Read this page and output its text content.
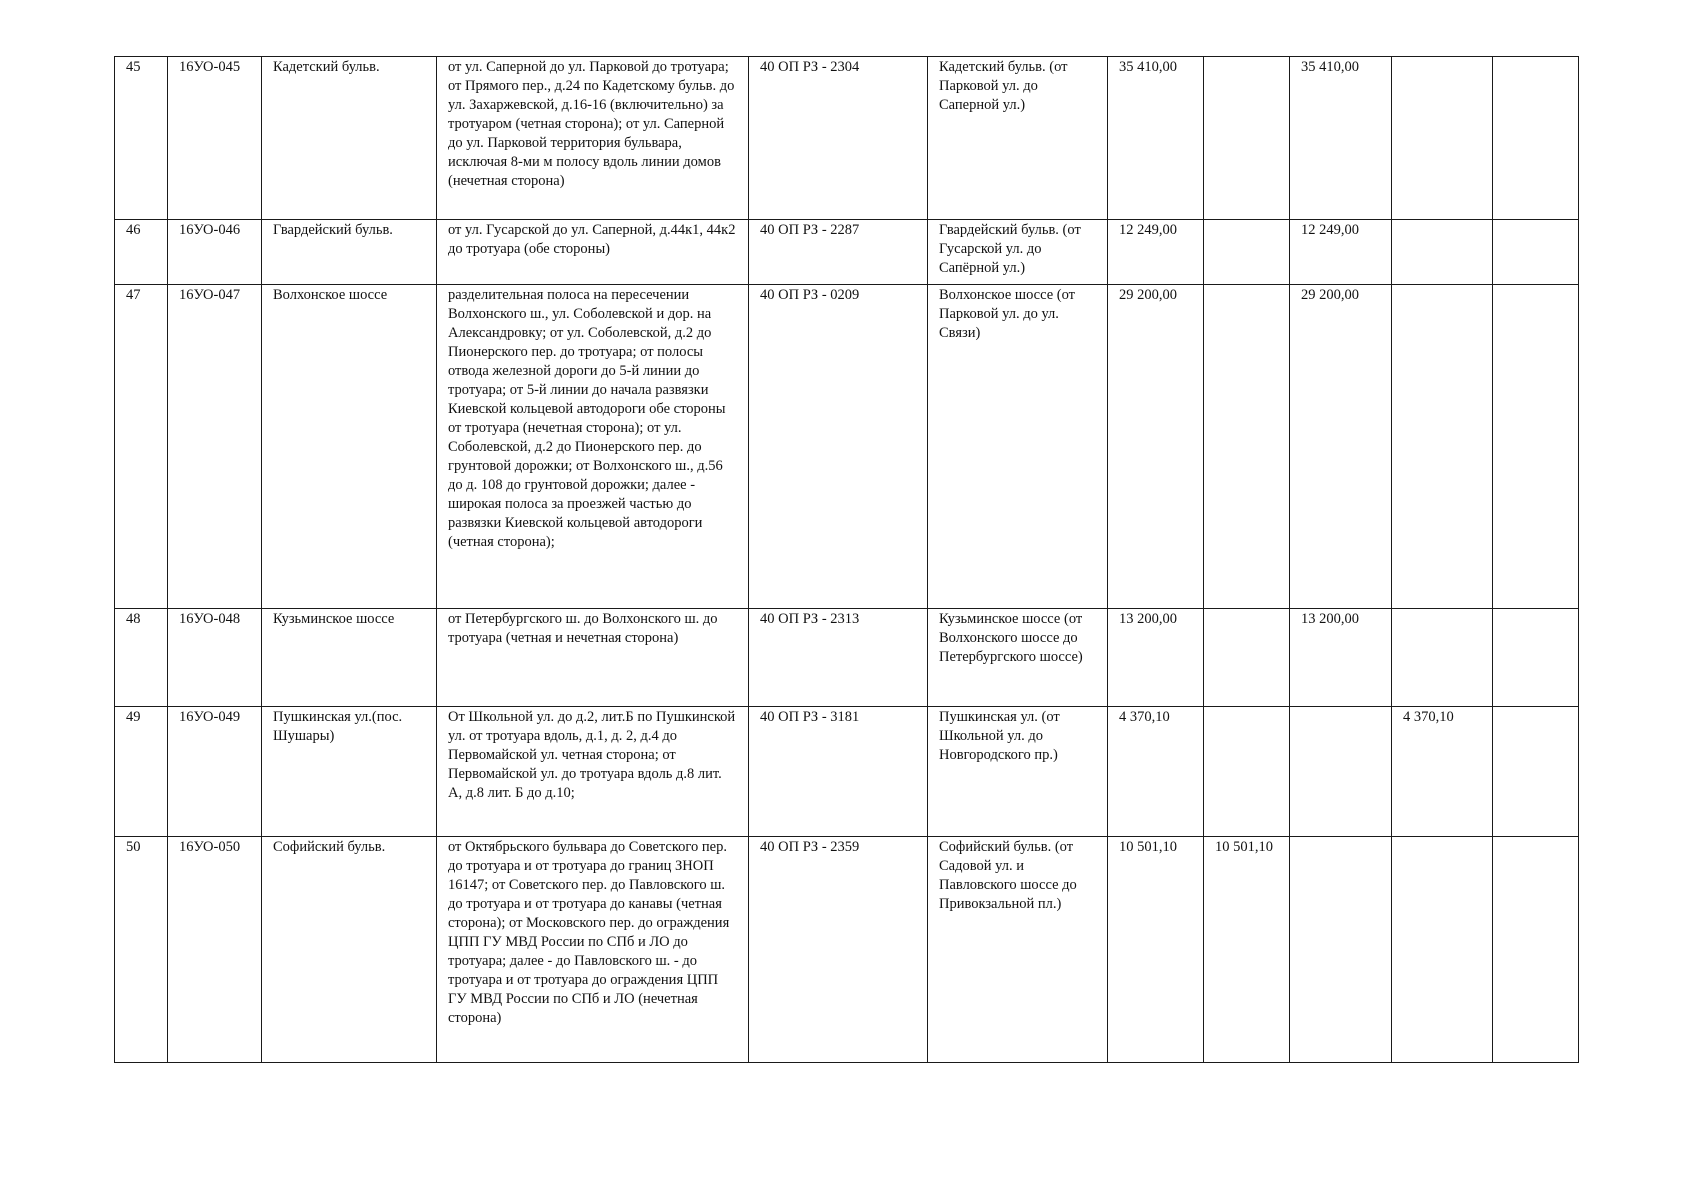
45	16УО-045	Кадетский бульв.	от ул. Саперной до ул. Парковой до тротуара; от Прямого пер., д.24 по Кадетскому бульв. до ул. Захаржевской, д.16-16 (включительно) за тротуаром (четная сторона); от ул. Саперной до ул. Парковой территория бульвара, исключая 8-ми м полосу вдоль линии домов (нечетная сторона)	40 ОП РЗ - 2304	Кадетский бульв. (от Парковой ул. до Саперной ул.)	35 410,00		35 410,00		
46	16УО-046	Гвардейский бульв.	от ул. Гусарской до ул. Саперной, д.44к1, 44к2 до тротуара (обе стороны)	40 ОП РЗ - 2287	Гвардейский бульв. (от Гусарской ул. до Сапёрной ул.)	12 249,00		12 249,00		
47	16УО-047	Волхонское шоссе	разделительная полоса на пересечении Волхонского ш., ул. Соболевской и дор. на Александровку; от ул. Соболевской, д.2 до Пионерского пер. до тротуара; от полосы отвода железной дороги до 5-й линии до тротуара; от 5-й линии до начала развязки Киевской кольцевой автодороги обе стороны от тротуара (нечетная сторона); от ул. Соболевской, д.2 до Пионерского пер. до грунтовой дорожки; от Волхонского ш., д.56 до д. 108 до грунтовой дорожки; далее - широкая полоса за проезжей частью до развязки Киевской кольцевой автодороги (четная сторона);	40 ОП РЗ - 0209	Волхонское шоссе (от Парковой ул. до ул. Связи)	29 200,00		29 200,00		
48	16УО-048	Кузьминское шоссе	от Петербургского ш. до Волхонского ш. до тротуара (четная и нечетная сторона)	40 ОП РЗ - 2313	Кузьминское шоссе (от Волхонского шоссе до Петербургского шоссе)	13 200,00		13 200,00		
49	16УО-049	Пушкинская ул.(пос. Шушары)	От Школьной ул. до д.2, лит.Б по Пушкинской ул. от тротуара вдоль, д.1, д. 2, д.4 до Первомайской ул. четная сторона; от Первомайской ул. до тротуара вдоль д.8 лит. А, д.8 лит. Б до д.10;	40 ОП РЗ - 3181	Пушкинская ул. (от Школьной ул. до Новгородского пр.)	4 370,10			4 370,10	
50	16УО-050	Софийский бульв.	от Октябрьского бульвара до Советского пер. до тротуара и от тротуара до границ ЗНОП 16147; от Советского пер. до Павловского ш. до тротуара и от тротуара до канавы (четная сторона); от Московского пер. до ограждения ЦПП ГУ МВД России по СПб и ЛО до тротуара; далее - до Павловского ш. - до тротуара и от тротуара до ограждения ЦПП ГУ МВД России по СПб и ЛО (нечетная сторона)	40 ОП РЗ - 2359	Софийский бульв. (от Садовой ул. и Павловского шоссе до Привокзальной пл.)	10 501,10	10 501,10			
